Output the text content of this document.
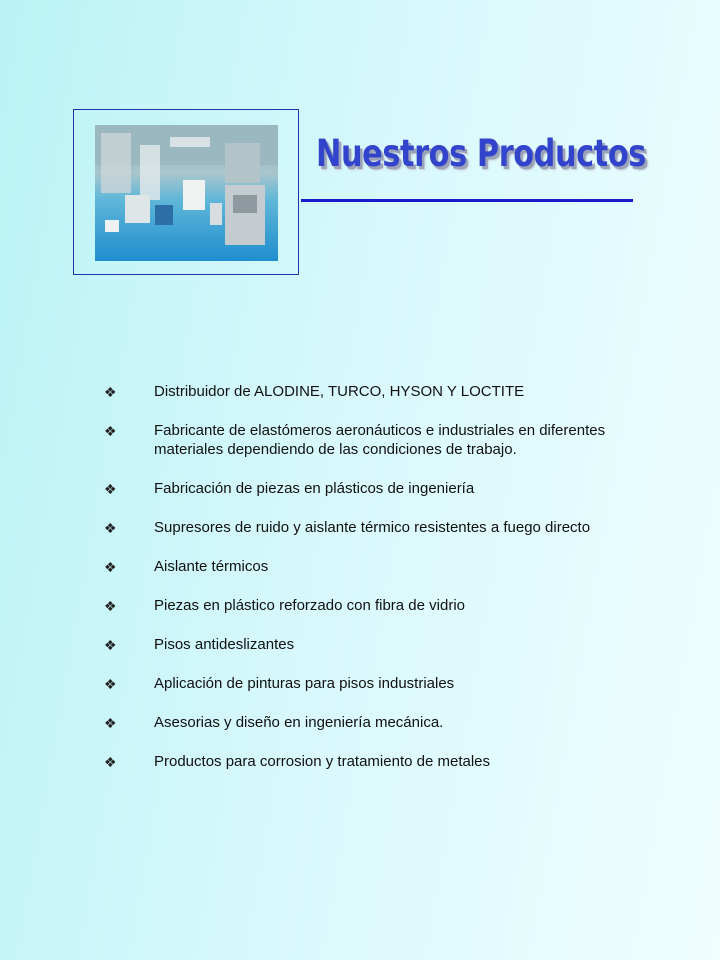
Nuestros Productos
❖ Distribuidor de ALODINE, TURCO, HYSON Y LOCTITE
❖ Fabricante de elastómeros aeronáuticos e industriales en diferentes materiales dependiendo de las condiciones de trabajo.
❖ Fabricación de piezas en plásticos de ingeniería
❖ Supresores de ruido y aislante térmico resistentes a fuego directo
❖ Aislante térmicos
❖ Piezas en plástico reforzado con fibra de vidrio
❖ Pisos antideslizantes
❖ Aplicación de pinturas para pisos industriales
❖ Asesorias y diseño en ingeniería mecánica.
❖ Productos para corrosion y tratamiento de metales
